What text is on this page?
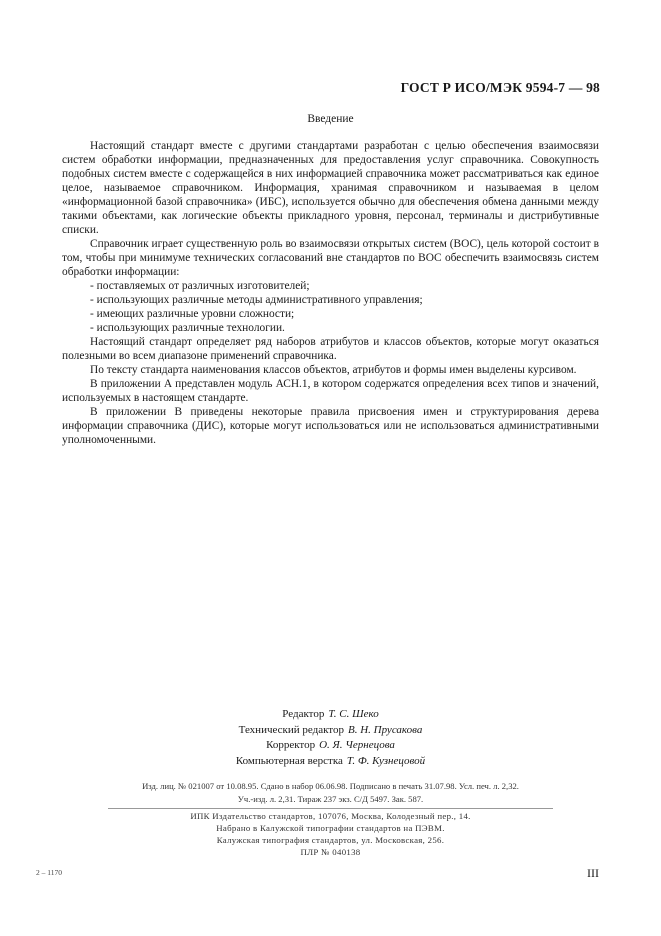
ГОСТ Р ИСО/МЭК 9594-7 — 98
Введение

Настоящий стандарт вместе с другими стандартами разработан с целью обеспечения взаимосвязи систем обработки информации, предназначенных для предоставления услуг справочника. Совокупность подобных систем вместе с содержащейся в них информацией справочника может рассматриваться как единое целое, называемое справочником. Информация, хранимая справочником и называемая в целом «информационной базой справочника» (ИБС), используется обычно для обеспечения обмена данными между такими объектами, как логические объекты прикладного уровня, персонал, терминалы и дистрибутивные списки.

Справочник играет существенную роль во взаимосвязи открытых систем (ВОС), цель которой состоит в том, чтобы при минимуме технических согласований вне стандартов по ВОС обеспечить взаимосвязь систем обработки информации:

- поставляемых от различных изготовителей;
- использующих различные методы административного управления;
- имеющих различные уровни сложности;
- использующих различные технологии.

Настоящий стандарт определяет ряд наборов атрибутов и классов объектов, которые могут оказаться полезными во всем диапазоне применений справочника.

По тексту стандарта наименования классов объектов, атрибутов и формы имен выделены курсивом.

В приложении А представлен модуль АСН.1, в котором содержатся определения всех типов и значений, используемых в настоящем стандарте.

В приложении В приведены некоторые правила присвоения имен и структурирования дерева информации справочника (ДИС), которые могут использоваться или не использоваться административными уполномоченными.

Редактор Т. С. Шеко
Технический редактор В. Н. Прусакова
Корректор О. Я. Чернецова
Компьютерная верстка Т. Ф. Кузнецовой
Изд. лиц. № 021007 от 10.08.95. Сдано в набор 06.06.98. Подписано в печать 31.07.98. Усл. печ. л. 2,32.
Уч.-изд. л. 2,31. Тираж 237 экз. С/Д 5497. Зак. 587.
ИПК Издательство стандартов, 107076, Москва, Колодезный пер., 14.
Набрано в Калужской типографии стандартов на ПЭВМ.
Калужская типография стандартов, ул. Московская, 256.
ПЛР № 040138
2 – 1170	III
